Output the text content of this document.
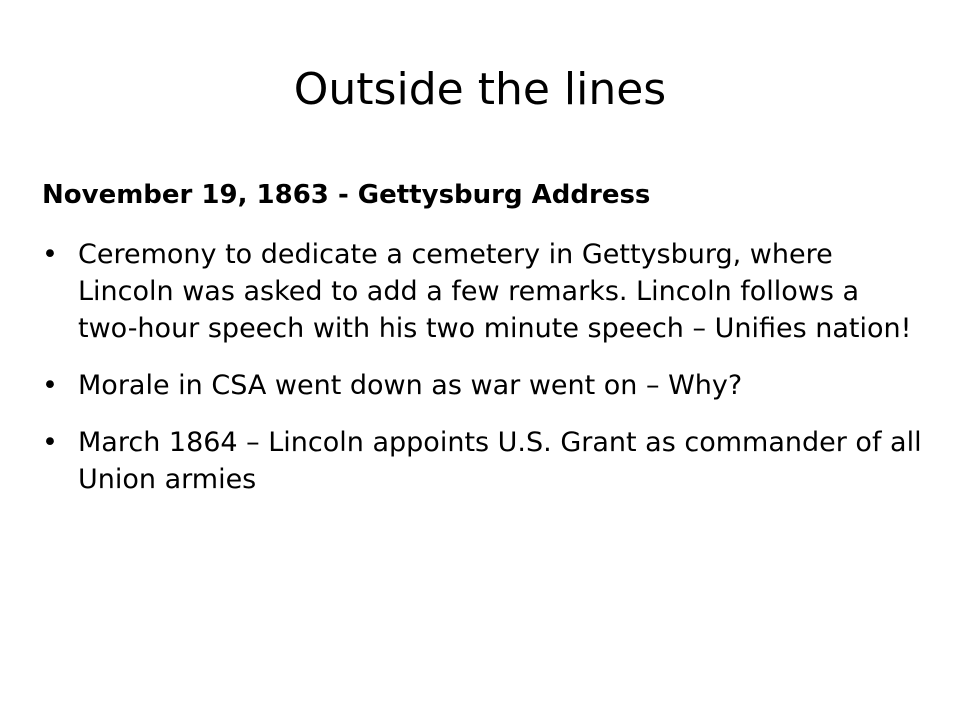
Outside the lines

November 19, 1863 - Gettysburg Address

• Ceremony to dedicate a cemetery in Gettysburg, where Lincoln was asked to add a few remarks. Lincoln follows a two-hour speech with his two minute speech – Unifies nation!
• Morale in CSA went down as war went on – Why?
• March 1864 – Lincoln appoints U.S. Grant as commander of all Union armies
